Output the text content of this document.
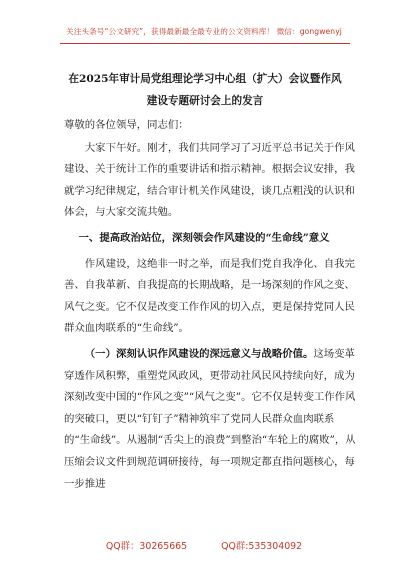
关注头条号“公文研究”，获得最新最全最专业的公文资料库！ 微信：gongwenyj
在2025年审计局党组理论学习中心组（扩大）会议暨作风
建设专题研讨会上的发言

尊敬的各位领导，同志们：

大家下午好。刚才，我们共同学习了习近平总书记关于作风建设、关于统计工作的重要讲话和指示精神。根据会议安排，我就学习纪律规定，结合审计机关作风建设，谈几点粗浅的认识和体会，与大家交流共勉。

一、提高政治站位，深刻领会作风建设的“生命线”意义

作风建设，这绝非一时之举，而是我们党自我净化、自我完善、自我革新、自我提高的长期战略，是一场深刻的作风之变、风气之变。它不仅是改变工作作风的切入点，更是保持党同人民群众血肉联系的“生命线”。

（一）深刻认识作风建设的深远意义与战略价值。这场变革穿透作风积弊，重塑党风政风，更带动社风民风持续向好，成为深刻改变中国的“作风之变”“风气之变”。它不仅是转变工作作风的突破口，更以“钉钉子”精神筑牢了党同人民群众血肉联系的“生命线”。从遏制“舌尖上的浪费”到整治“车轮上的腐败”，从压缩会议文件到规范调研接待，每一项规定都直指问题核心，每一步推进

QQ群：30265665	QQ群:535304092
